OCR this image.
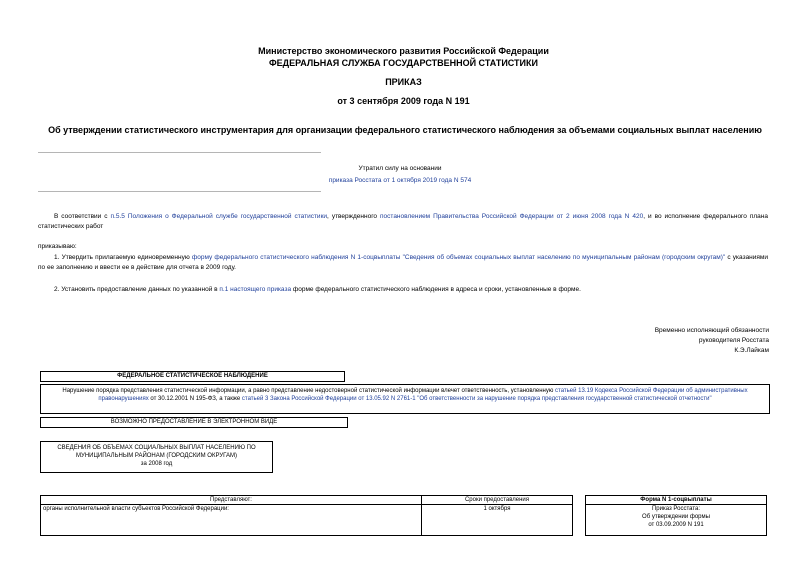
Министерство экономического развития Российской Федерации
ФЕДЕРАЛЬНАЯ СЛУЖБА ГОСУДАРСТВЕННОЙ СТАТИСТИКИ
ПРИКАЗ
от 3 сентября 2009 года N 191
Об утверждении статистического инструментария для организации федерального статистического наблюдения за объемами социальных выплат населению
Утратил силу на основании
приказа Росстата от 1 октября 2019 года N 574
В соответствии с п.5.5 Положения о Федеральной службе государственной статистики, утвержденного постановлением Правительства Российской Федерации от 2 июня 2008 года N 420, и во исполнение федерального плана статистических работ
приказываю:
1. Утвердить прилагаемую единовременную форму федерального статистического наблюдения N 1-соцвыплаты "Сведения об объемах социальных выплат населению по муниципальным районам (городским округам)" с указаниями по ее заполнению и ввести ее в действие для отчета в 2009 году.
2. Установить предоставление данных по указанной в п.1 настоящего приказа форме федерального статистического наблюдения в адреса и сроки, установленные в форме.
Временно исполняющий обязанности
руководителя Росстата
К.Э.Лайкам
ФЕДЕРАЛЬНОЕ СТАТИСТИЧЕСКОЕ НАБЛЮДЕНИЕ
Нарушение порядка представления статистической информации, а равно представление недостоверной статистической информации влечет ответственность, установленную статьей 13.19 Кодекса Российской Федерации об административных правонарушениях от 30.12.2001 N 195-ФЗ, а также статьей 3 Закона Российской Федерации от 13.05.92 N 2761-1 "Об ответственности за нарушение порядка представления государственной статистической отчетности"
ВОЗМОЖНО ПРЕДОСТАВЛЕНИЕ В ЭЛЕКТРОННОМ ВИДЕ
СВЕДЕНИЯ ОБ ОБЪЕМАХ СОЦИАЛЬНЫХ ВЫПЛАТ НАСЕЛЕНИЮ ПО
МУНИЦИПАЛЬНЫМ РАЙОНАМ (ГОРОДСКИМ ОКРУГАМ)
за 2008 год
Представляют:	Сроки предоставления		Форма N 1-соцвыплаты
органы исполнительной власти субъектов Российской Федерации:	1 октября		Приказ Росстата:
Об утверждении формы
от 03.09.2009 N 191
